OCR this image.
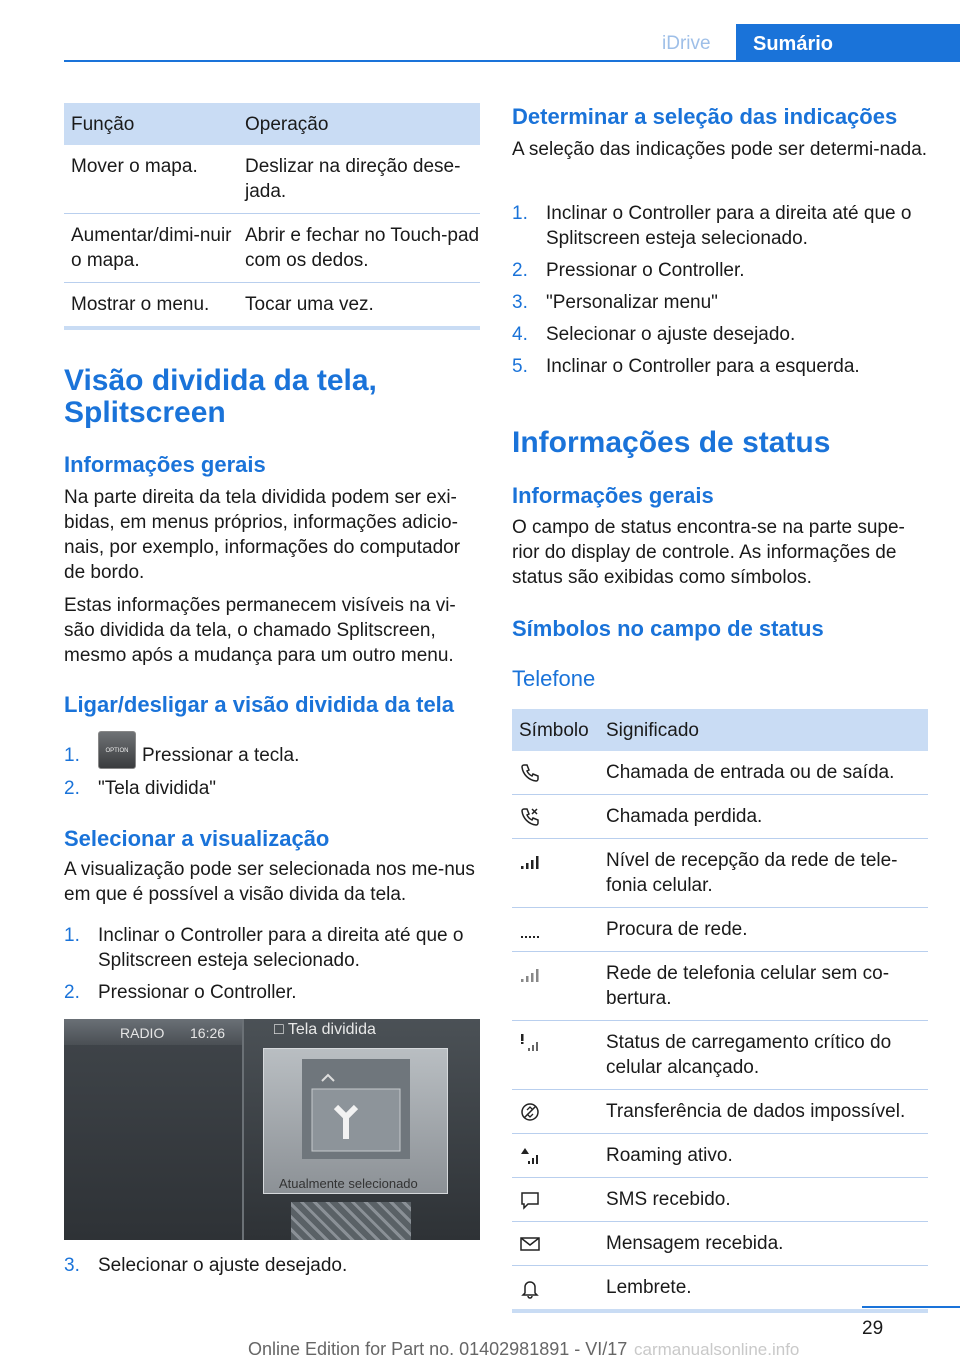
iDrive	Sumário
Função	Operação
Mover o mapa.	Deslizar na direção dese-jada.
Aumentar/dimi-nuir o mapa.	Abrir e fechar no Touch-pad com os dedos.
Mostrar o menu.	Tocar uma vez.
Visão dividida da tela, Splitscreen
Informações gerais

Na parte direita da tela dividida podem ser exi-bidas, em menus próprios, informações adicio-nais, por exemplo, informações do computador de bordo.

Estas informações permanecem visíveis na vi-são dividida da tela, o chamado Splitscreen, mesmo após a mudança para um outro menu.

Ligar/desligar a visão dividida da tela
1.	OPTION Pressionar a tecla.
2. "Tela dividida"
Selecionar a visualização

A visualização pode ser selecionada nos me-nus em que é possível a visão divida da tela.

1. Inclinar o Controller para a direita até que o Splitscreen esteja selecionado.
2. Pressionar o Controller.
RADIO 16:26	□ Tela dividida
Atualmente selecionado
3. Selecionar o ajuste desejado.
Determinar a seleção das indicações

A seleção das indicações pode ser determi-nada.

1. Inclinar o Controller para a direita até que o Splitscreen esteja selecionado.
2. Pressionar o Controller.
3. "Personalizar menu"
4. Selecionar o ajuste desejado.
5. Inclinar o Controller para a esquerda.
Informações de status
Informações gerais

O campo de status encontra-se na parte supe-rior do display de controle. As informações de status são exibidas como símbolos.

Símbolos no campo de status
Telefone
Símbolo	Significado
	Chamada de entrada ou de saída.
	Chamada perdida.
	Nível de recepção da rede de tele-fonia celular.
	Procura de rede.
	Rede de telefonia celular sem co-bertura.
	Status de carregamento crítico do celular alcançado.
	Transferência de dados impossível.
	Roaming ativo.
	SMS recebido.
	Mensagem recebida.
	Lembrete.
29
Online Edition for Part no. 01402981891 - VI/17 carmanualsonline.info
